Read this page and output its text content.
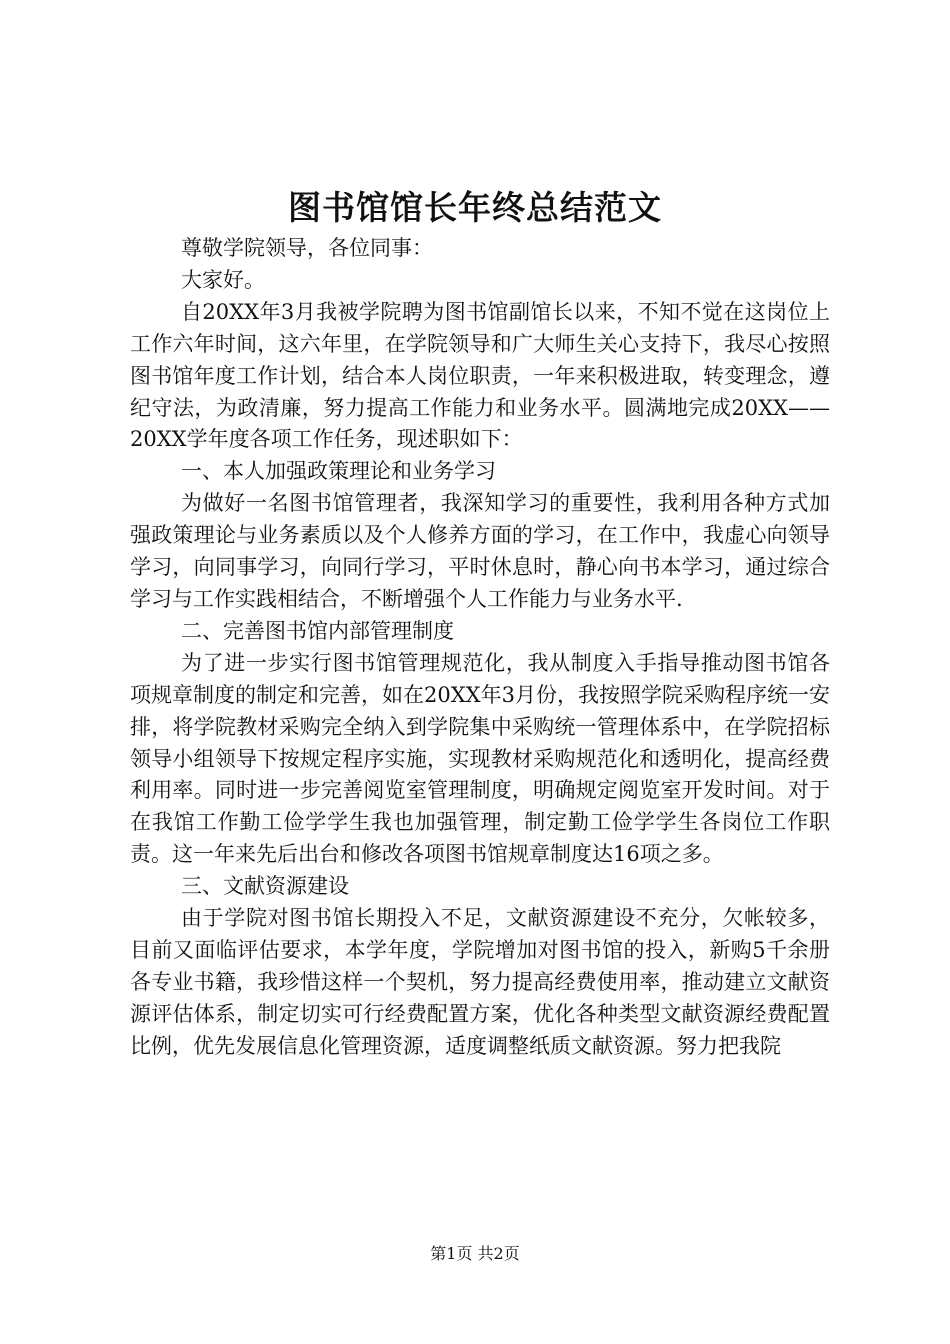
图书馆馆长年终总结范文

尊敬学院领导，各位同事：

大家好。

自20XX年3月我被学院聘为图书馆副馆长以来，不知不觉在这岗位上工作六年时间，这六年里，在学院领导和广大师生关心支持下，我尽心按照图书馆年度工作计划，结合本人岗位职责，一年来积极进取，转变理念，遵纪守法，为政清廉，努力提高工作能力和业务水平。圆满地完成20XX——20XX学年度各项工作任务，现述职如下：

一、本人加强政策理论和业务学习

为做好一名图书馆管理者，我深知学习的重要性，我利用各种方式加强政策理论与业务素质以及个人修养方面的学习，在工作中，我虚心向领导学习，向同事学习，向同行学习，平时休息时，静心向书本学习，通过综合学习与工作实践相结合，不断增强个人工作能力与业务水平.

二、完善图书馆内部管理制度

为了进一步实行图书馆管理规范化，我从制度入手指导推动图书馆各项规章制度的制定和完善，如在20XX年3月份，我按照学院采购程序统一安排，将学院教材采购完全纳入到学院集中采购统一管理体系中，在学院招标领导小组领导下按规定程序实施，实现教材采购规范化和透明化，提高经费利用率。同时进一步完善阅览室管理制度，明确规定阅览室开发时间。对于在我馆工作勤工俭学学生我也加强管理，制定勤工俭学学生各岗位工作职责。这一年来先后出台和修改各项图书馆规章制度达16项之多。

三、文献资源建设

由于学院对图书馆长期投入不足，文献资源建设不充分，欠帐较多，目前又面临评估要求，本学年度，学院增加对图书馆的投入，新购5千余册各专业书籍，我珍惜这样一个契机，努力提高经费使用率，推动建立文献资源评估体系，制定切实可行经费配置方案，优化各种类型文献资源经费配置比例，优先发展信息化管理资源，适度调整纸质文献资源。努力把我院

第1页 共2页
